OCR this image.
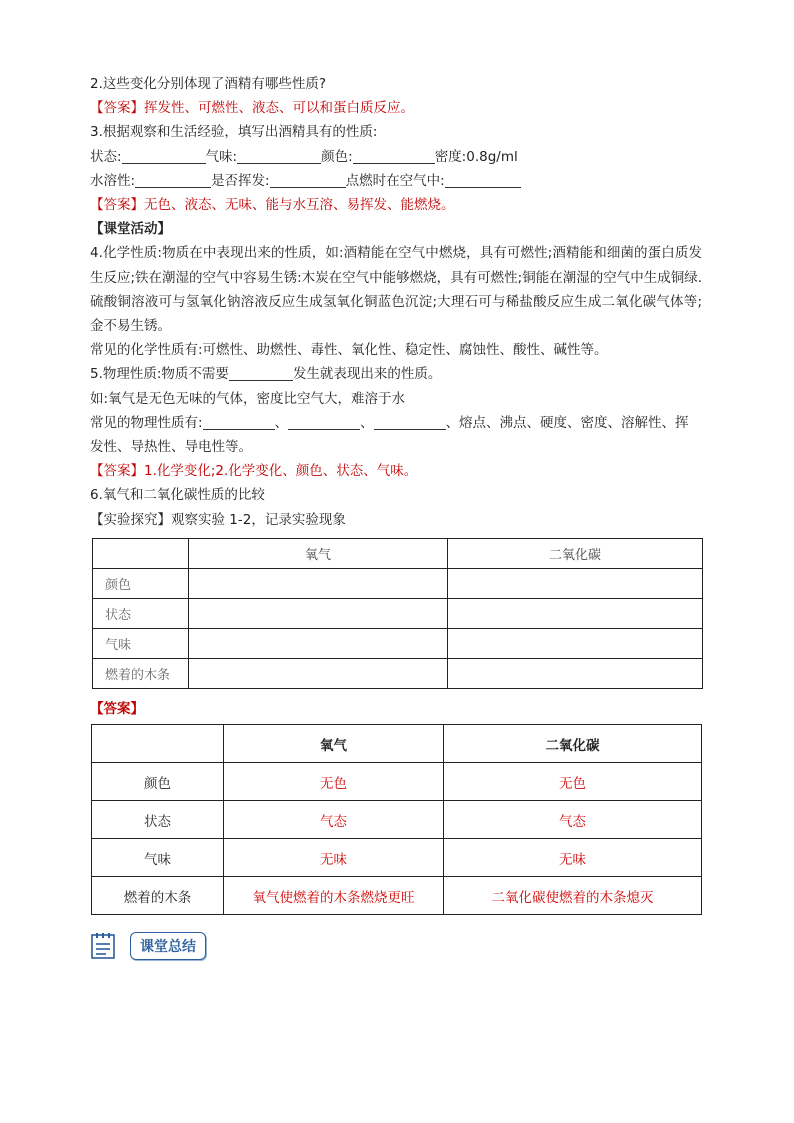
2.这些变化分别体现了酒精有哪些性质?
【答案】挥发性、可燃性、液态、可以和蛋白质反应。
3.根据观察和生活经验，填写出酒精具有的性质:
状态:	气味:	颜色:	密度:0.8g/ml
水溶性:	是否挥发:	点燃时在空气中:
【答案】无色、液态、无味、能与水互溶、易挥发、能燃烧。
【课堂活动】
4.化学性质:物质在中表现出来的性质，如:酒精能在空气中燃烧，具有可燃性;酒精能和细菌的蛋白质发生反应;铁在潮湿的空气中容易生锈:木炭在空气中能够燃烧，具有可燃性;铜能在潮湿的空气中生成铜绿.硫酸铜溶液可与氢氧化钠溶液反应生成氢氧化铜蓝色沉淀;大理石可与稀盐酸反应生成二氧化碳气体等;金不易生锈。
常见的化学性质有:可燃性、助燃性、毒性、氧化性、稳定性、腐蚀性、酸性、碱性等。
5.物理性质:物质不需要	发生就表现出来的性质。
如:氧气是无色无味的气体，密度比空气大，难溶于水
常见的物理性质有:	、	、	、熔点、沸点、硬度、密度、溶解性、挥
发性、导热性、导电性等。
【答案】1.化学变化;2.化学变化、颜色、状态、气味。
6.氧气和二氧化碳性质的比较
【实验探究】观察实验 1-2，记录实验现象
	氧气	二氧化碳
颜色		
状态		
气味		
燃着的木条		
【答案】
	氧气	二氧化碳
颜色	无色	无色
状态	气态	气态
气味	无味	无味
燃着的木条	氧气使燃着的木条燃烧更旺	二氧化碳使燃着的木条熄灭
课堂总结
